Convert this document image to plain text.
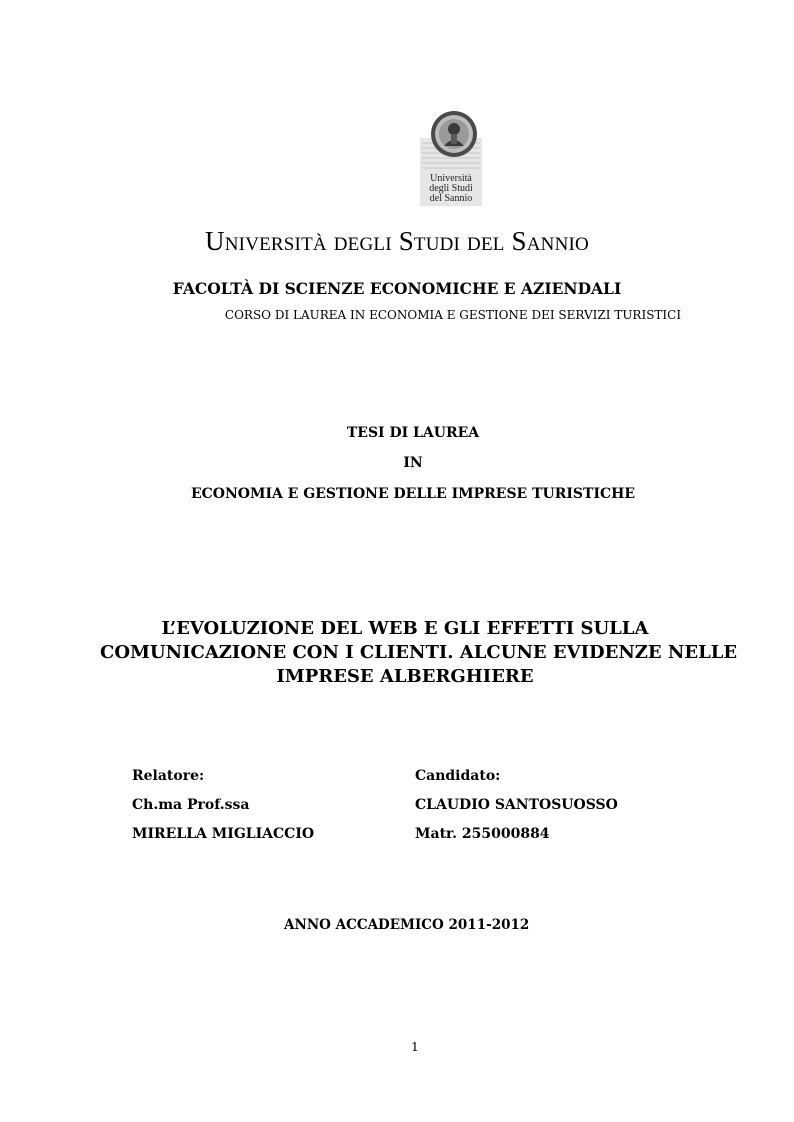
Università
degli Studi
del Sannio
Università degli Studi del Sannio
FACOLTÀ DI SCIENZE ECONOMICHE E AZIENDALI
CORSO DI LAUREA IN ECONOMIA E GESTIONE DEI SERVIZI TURISTICI
TESI DI LAUREA
IN
ECONOMIA E GESTIONE DELLE IMPRESE TURISTICHE
L’EVOLUZIONE DEL WEB E GLI EFFETTI SULLA
COMUNICAZIONE CON I CLIENTI. ALCUNE EVIDENZE NELLE
IMPRESE ALBERGHIERE
Relatore:
Ch.ma Prof.ssa
MIRELLA MIGLIACCIO
Candidato:
CLAUDIO SANTOSUOSSO
Matr. 255000884
ANNO ACCADEMICO 2011-2012
1
